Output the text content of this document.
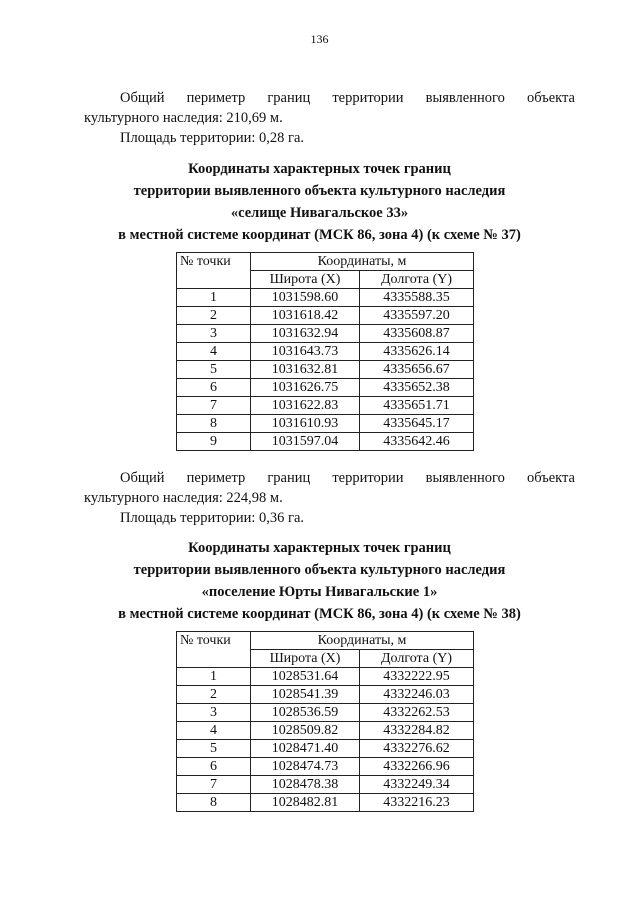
136
Общий периметр границ территории выявленного объекта
культурного наследия: 210,69 м.
Площадь территории: 0,28 га.
Координаты характерных точек границ
территории выявленного объекта культурного наследия
«селище Нивагальское 33»
в местной системе координат (МСК 86, зона 4) (к схеме № 37)
№ точки	Координаты, м	
	Широта (X)	Долгота (Y)
1	1031598.60	4335588.35
2	1031618.42	4335597.20
3	1031632.94	4335608.87
4	1031643.73	4335626.14
5	1031632.81	4335656.67
6	1031626.75	4335652.38
7	1031622.83	4335651.71
8	1031610.93	4335645.17
9	1031597.04	4335642.46
Общий периметр границ территории выявленного объекта
культурного наследия: 224,98 м.
Площадь территории: 0,36 га.
Координаты характерных точек границ
территории выявленного объекта культурного наследия
«поселение Юрты Нивагальские 1»
в местной системе координат (МСК 86, зона 4) (к схеме № 38)
№ точки	Координаты, м	
	Широта (X)	Долгота (Y)
1	1028531.64	4332222.95
2	1028541.39	4332246.03
3	1028536.59	4332262.53
4	1028509.82	4332284.82
5	1028471.40	4332276.62
6	1028474.73	4332266.96
7	1028478.38	4332249.34
8	1028482.81	4332216.23
